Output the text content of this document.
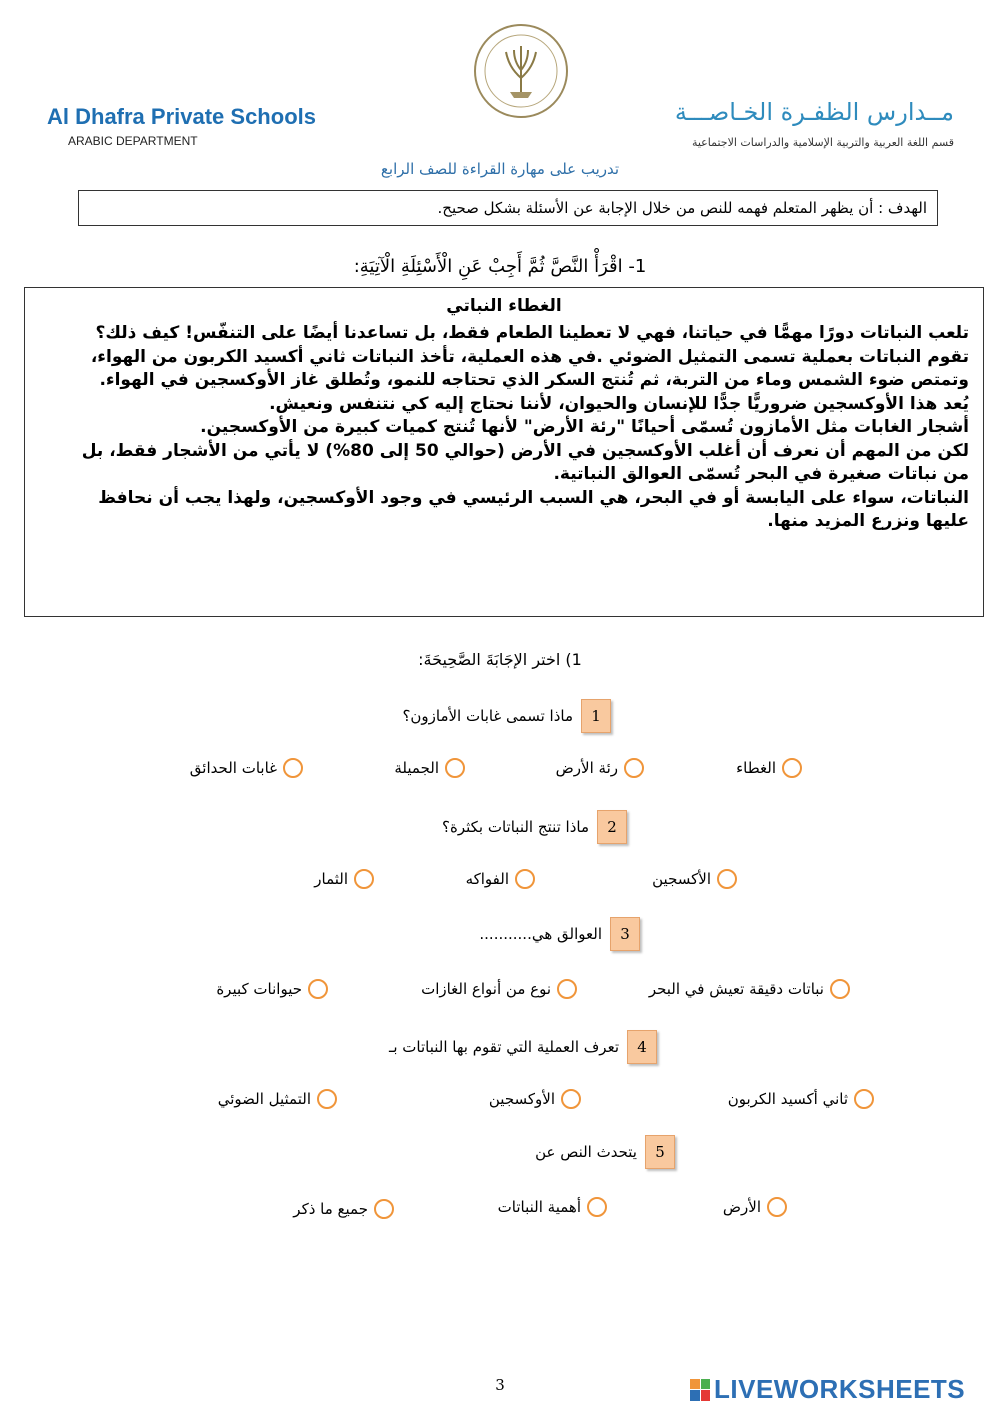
Al Dhafra Private Schools
ARABIC DEPARTMENT
مــدارس الظفـرة الخـاصـــة
قسم اللغة العربية والتربية الإسلامية والدراسات الاجتماعية
تدريب على مهارة القراءة للصف الرابع
الهدف : أن يظهر المتعلم فهمه للنص من خلال الإجابة عن الأسئلة بشكل صحيح.
1- اقْرَأْ النَّصَّ ثُمَّ أَجِبْ عَنِ الْأَسْئِلَةِ الْآتِيَةِ:
الغطاء النباتي

تلعب النباتات دورًا مهمًّا في حياتنا، فهي لا تعطينا الطعام فقط، بل تساعدنا أيضًا على التنفّس! كيف ذلك؟

تقوم النباتات بعملية تسمى التمثيل الضوئي .في هذه العملية، تأخذ النباتات ثاني أكسيد الكربون من الهواء،

وتمتص ضوء الشمس وماء من التربة، ثم تُنتج السكر الذي تحتاجه للنمو، وتُطلق غاز الأوكسجين في الهواء.

يُعد هذا الأوكسجين ضروريًّا جدًّا للإنسان والحيوان، لأننا نحتاج إليه كي نتنفس ونعيش.

أشجار الغابات مثل الأمازون تُسمّى أحيانًا "رئة الأرض" لأنها تُنتج كميات كبيرة من الأوكسجين.

لكن من المهم أن نعرف أن أغلب الأوكسجين في الأرض (حوالي 50 إلى 80%) لا يأتي من الأشجار فقط، بل

من نباتات صغيرة في البحر تُسمّى العوالق النباتية.

النباتات، سواء على اليابسة أو في البحر، هي السبب الرئيسي في وجود الأوكسجين، ولهذا يجب أن نحافظ

عليها ونزرع المزيد منها.

1) اختر الإجَابَةَ الصَّحِيحَةَ:
1
ماذا تسمى غابات الأمازون؟
الغطاء
رئة الأرض
الجميلة
غابات الحدائق
2
ماذا تنتج النباتات بكثرة؟
الأكسجين
الفواكه
الثمار
3
العوالق هي...........
نباتات دقيقة تعيش في البحر
نوع من أنواع الغازات
حيوانات كبيرة
4
تعرف العملية التي تقوم بها النباتات بـ
ثاني أكسيد الكربون
الأوكسجين
التمثيل الضوئي
5
يتحدث النص عن
الأرض
أهمية النباتات
جميع ما ذكر
3	LIVEWORKSHEETS
